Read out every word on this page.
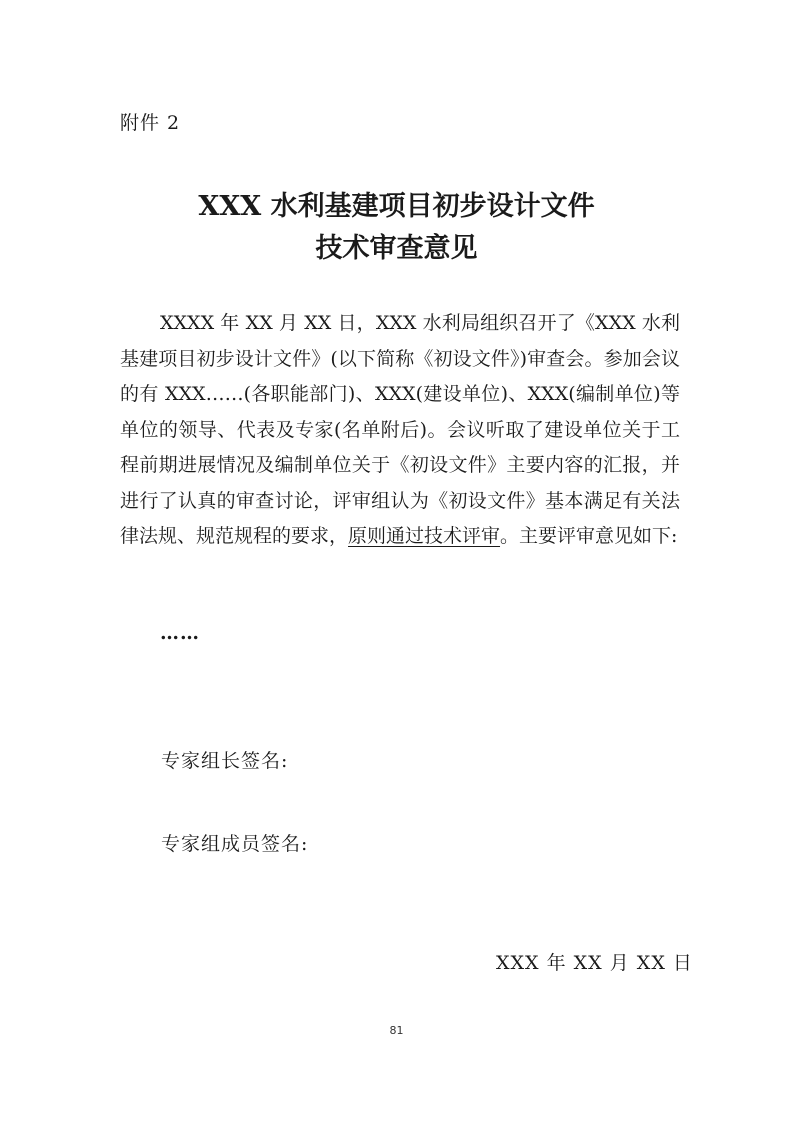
附件 2
XXX 水利基建项目初步设计文件
技术审查意见

XXXX 年 XX 月 XX 日，XXX 水利局组织召开了《XXX 水利基建项目初步设计文件》(以下简称《初设文件》)审查会。参加会议的有 XXX……(各职能部门)、XXX(建设单位)、XXX(编制单位)等单位的领导、代表及专家(名单附后)。会议听取了建设单位关于工程前期进展情况及编制单位关于《初设文件》主要内容的汇报，并进行了认真的审查讨论，评审组认为《初设文件》基本满足有关法律法规、规范规程的要求，原则通过技术评审。主要评审意见如下:

……
专家组长签名:
专家组成员签名:
XXX 年 XX 月 XX 日
81
